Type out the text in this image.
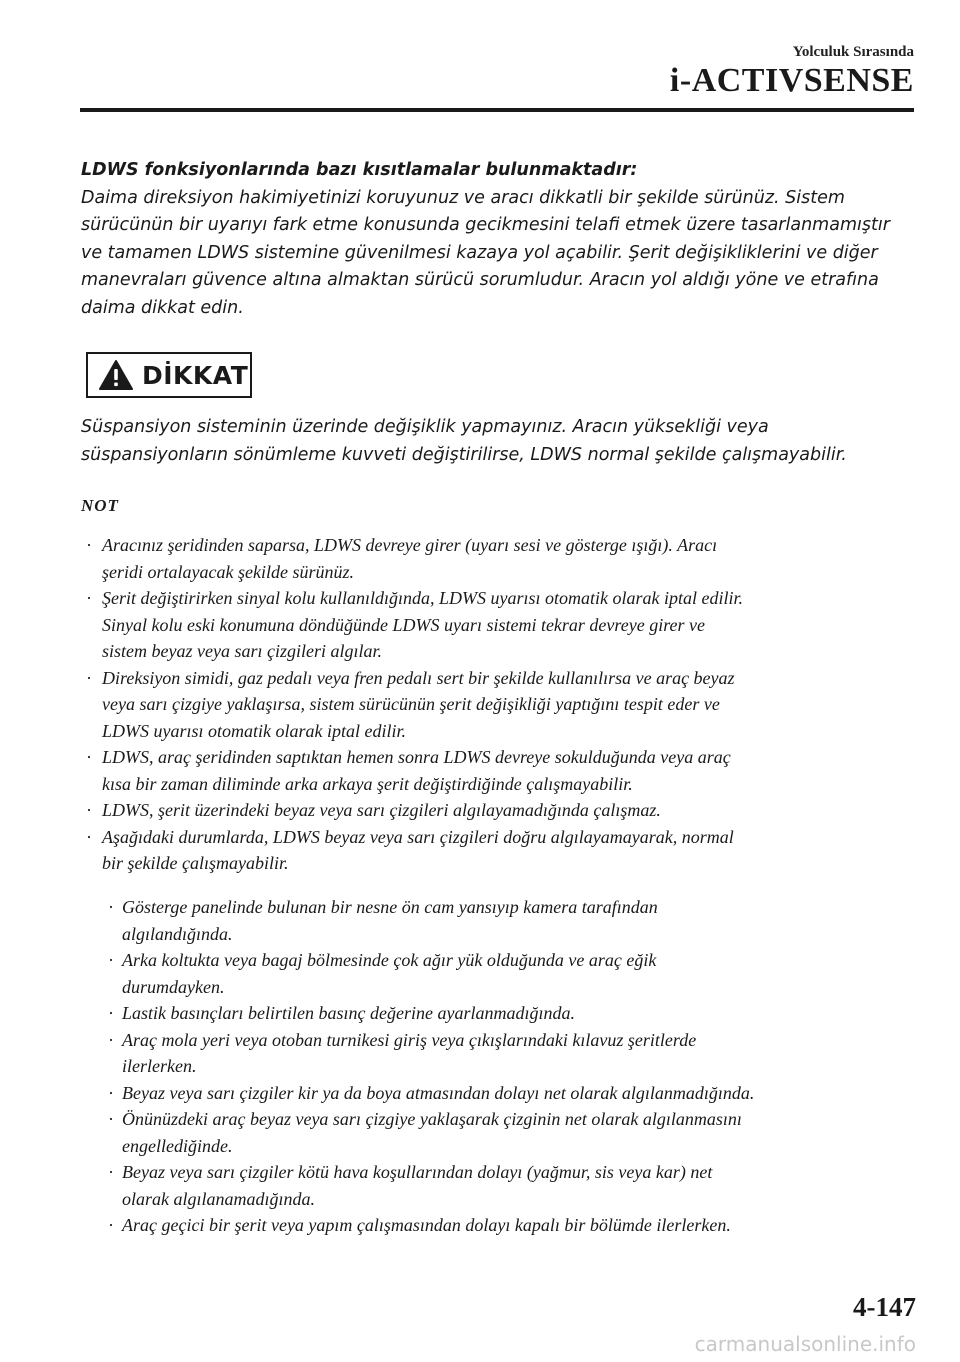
Yolculuk Sırasında
i-ACTIVSENSE

LDWS fonksiyonlarında bazı kısıtlamalar bulunmaktadır:

Daima direksiyon hakimiyetinizi koruyunuz ve aracı dikkatli bir şekilde sürünüz. Sistem

sürücünün bir uyarıyı fark etme konusunda gecikmesini telafi etmek üzere tasarlanmamıştır

ve tamamen LDWS sistemine güvenilmesi kazaya yol açabilir. Şerit değişikliklerini ve diğer

manevraları güvence altına almaktan sürücü sorumludur. Aracın yol aldığı yöne ve etrafına

daima dikkat edin.

DİKKAT
Süspansiyon sisteminin üzerinde değişiklik yapmayınız. Aracın yüksekliği veya
süspansiyonların sönümleme kuvveti değiştirilirse, LDWS normal şekilde çalışmayabilir.
NOT
· Aracınız şeridinden saparsa, LDWS devreye girer (uyarı sesi ve gösterge ışığı). Aracı
şeridi ortalayacak şekilde sürünüz.
· Şerit değiştirirken sinyal kolu kullanıldığında, LDWS uyarısı otomatik olarak iptal edilir.
Sinyal kolu eski konumuna döndüğünde LDWS uyarı sistemi tekrar devreye girer ve
sistem beyaz veya sarı çizgileri algılar.
· Direksiyon simidi, gaz pedalı veya fren pedalı sert bir şekilde kullanılırsa ve araç beyaz
veya sarı çizgiye yaklaşırsa, sistem sürücünün şerit değişikliği yaptığını tespit eder ve
LDWS uyarısı otomatik olarak iptal edilir.
· LDWS, araç şeridinden saptıktan hemen sonra LDWS devreye sokulduğunda veya araç
kısa bir zaman diliminde arka arkaya şerit değiştirdiğinde çalışmayabilir.
· LDWS, şerit üzerindeki beyaz veya sarı çizgileri algılayamadığında çalışmaz.
· Aşağıdaki durumlarda, LDWS beyaz veya sarı çizgileri doğru algılayamayarak, normal
bir şekilde çalışmayabilir.
· Gösterge panelinde bulunan bir nesne ön cam yansıyıp kamera tarafından
algılandığında.
· Arka koltukta veya bagaj bölmesinde çok ağır yük olduğunda ve araç eğik
durumdayken.
· Lastik basınçları belirtilen basınç değerine ayarlanmadığında.
· Araç mola yeri veya otoban turnikesi giriş veya çıkışlarındaki kılavuz şeritlerde
ilerlerken.
· Beyaz veya sarı çizgiler kir ya da boya atmasından dolayı net olarak algılanmadığında.
· Önünüzdeki araç beyaz veya sarı çizgiye yaklaşarak çizginin net olarak algılanmasını
engellediğinde.
· Beyaz veya sarı çizgiler kötü hava koşullarından dolayı (yağmur, sis veya kar) net
olarak algılanamadığında.
· Araç geçici bir şerit veya yapım çalışmasından dolayı kapalı bir bölümde ilerlerken.
4-147
carmanualsonline.info
